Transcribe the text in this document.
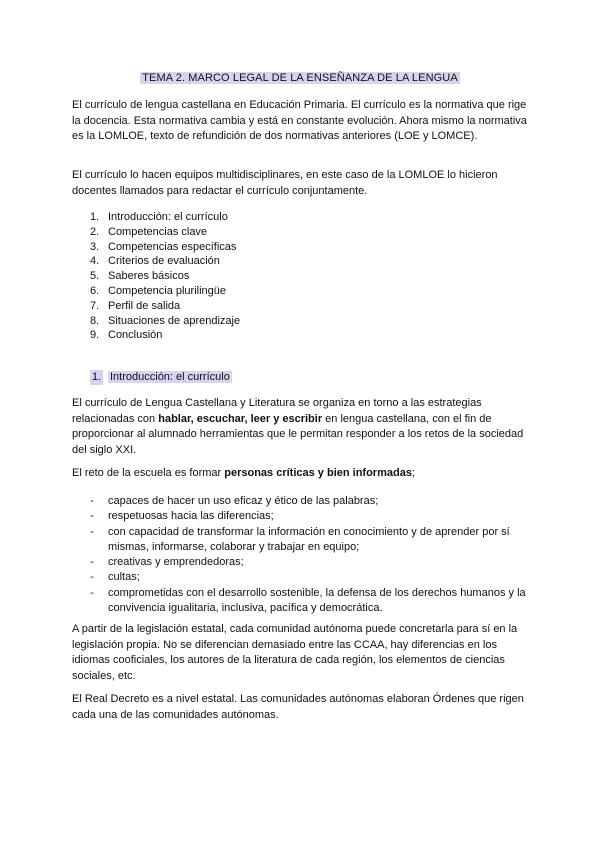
TEMA 2. MARCO LEGAL DE LA ENSEÑANZA DE LA LENGUA

El currículo de lengua castellana en Educación Primaria. El currículo es la normativa que rige la docencia. Esta normativa cambia y está en constante evolución. Ahora mismo la normativa es la LOMLOE, texto de refundición de dos normativas anteriores (LOE y LOMCE).

El currículo lo hacen equipos multidisciplinares, en este caso de la LOMLOE lo hicieron docentes llamados para redactar el currículo conjuntamente.

1. Introducción: el currículo
2. Competencias clave
3. Competencias específicas
4. Criterios de evaluación
5. Saberes básicos
6. Competencia plurilingüe
7. Perfil de salida
8. Situaciones de aprendizaje
9. Conclusión
1. Introducción: el currículo

El currículo de Lengua Castellana y Literatura se organiza en torno a las estrategias relacionadas con hablar, escuchar, leer y escribir en lengua castellana, con el fin de proporcionar al alumnado herramientas que le permitan responder a los retos de la sociedad del siglo XXI.

El reto de la escuela es formar personas críticas y bien informadas;

- capaces de hacer un uso eficaz y ético de las palabras;
- respetuosas hacia las diferencias;
- con capacidad de transformar la información en conocimiento y de aprender por sí mismas, informarse, colaborar y trabajar en equipo;
- creativas y emprendedoras;
- cultas;
- comprometidas con el desarrollo sostenible, la defensa de los derechos humanos y la convivencia igualitaria, inclusiva, pacífica y democrática.

A partir de la legislación estatal, cada comunidad autónoma puede concretarla para sí en la legislación propia. No se diferencian demasiado entre las CCAA, hay diferencias en los idiomas cooficiales, los autores de la literatura de cada región, los elementos de ciencias sociales, etc.

El Real Decreto es a nivel estatal. Las comunidades autónomas elaboran Órdenes que rigen cada una de las comunidades autónomas.
